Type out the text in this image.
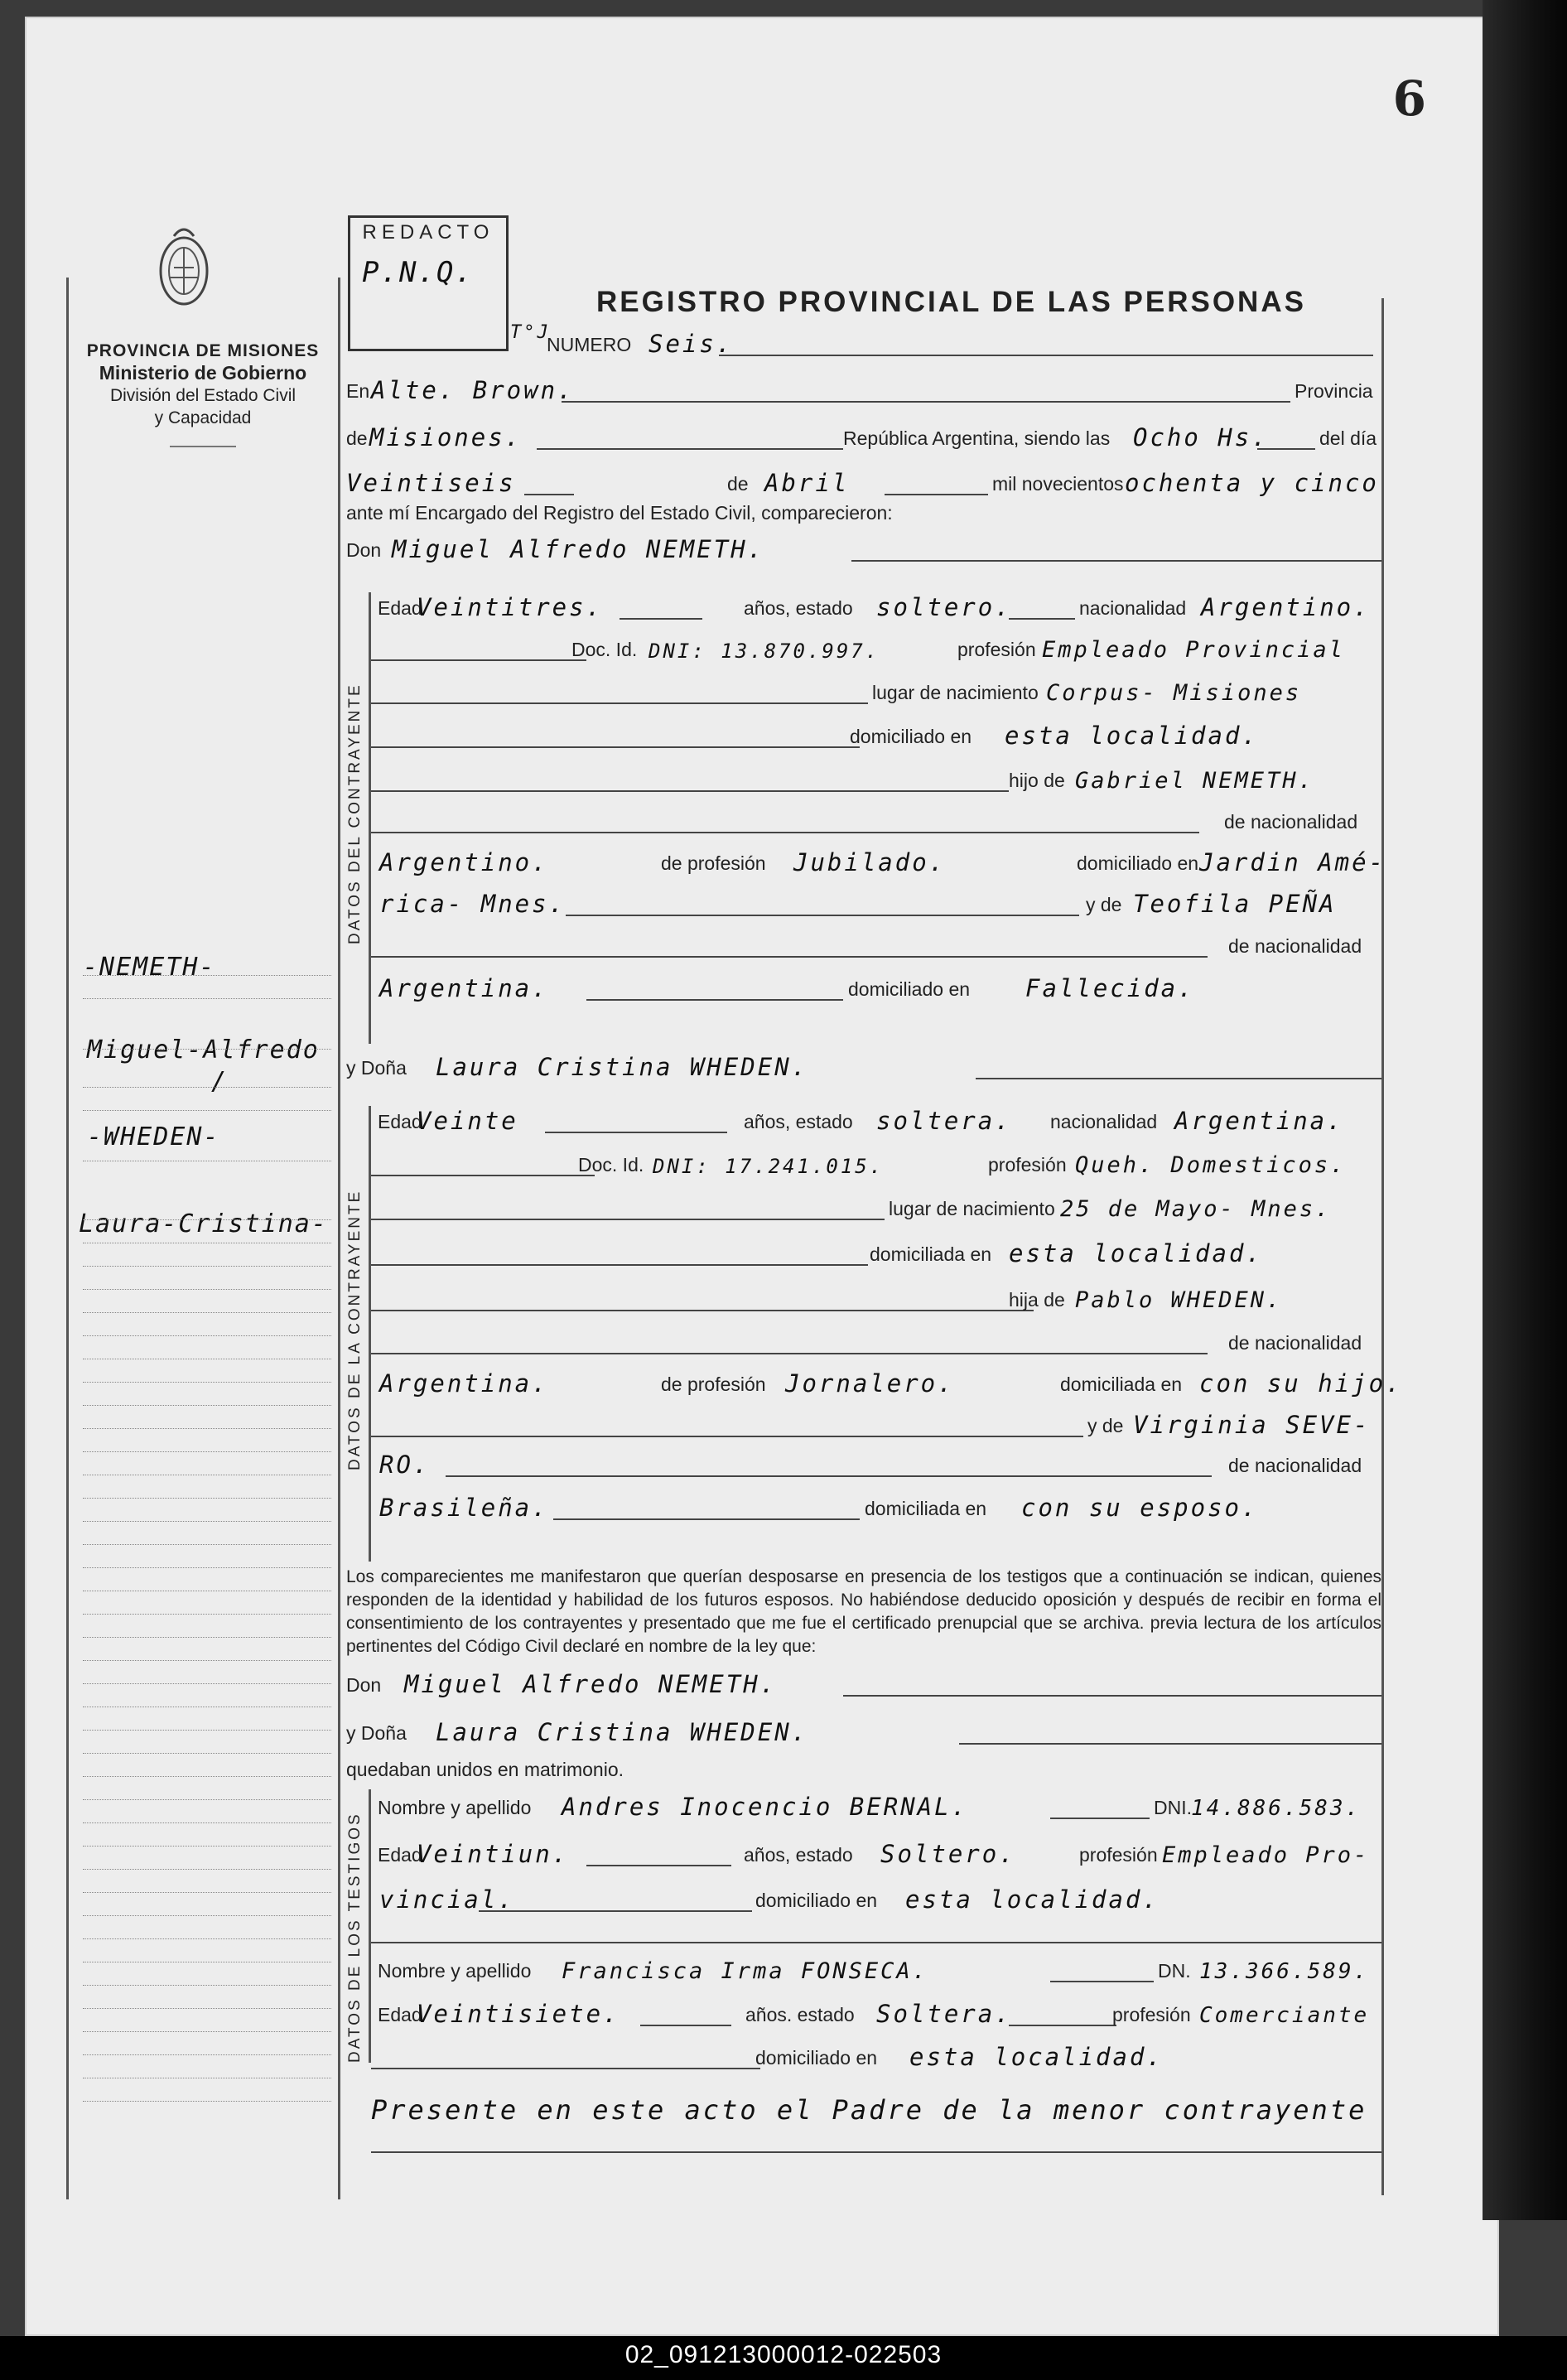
02_091213000012-022503
6
PROVINCIA DE MISIONES
Ministerio de Gobierno
División del Estado Civil
y Capacidad
-NEMETH-
Miguel-Alfredo
/
-WHEDEN-
Laura-Cristina-
REDACTO
P.N.Q.
REGISTRO PROVINCIAL DE LAS PERSONAS
T°J
NUMERO Seis.
En Alte. Brown.	Provincia
de Misiones.	República Argentina, siendo las Ocho Hs.	del día
Veintiseis	de Abril	mil novecientos ochenta y cinco
ante mí Encargado del Registro del Estado Civil, comparecieron:
Don Miguel Alfredo NEMETH.
DATOS DEL CONTRAYENTE
Edad
Veintitres.	años, estado soltero.	nacionalidad Argentino.
Doc. Id. DNI: 13.870.997.	profesión Empleado Provincial
lugar de nacimiento Corpus- Misiones
domiciliado en esta localidad.
hijo de Gabriel NEMETH.
de nacionalidad
Argentino.	de profesión Jubilado.	domiciliado en Jardin Amé-
rica- Mnes.	y de Teofila PEÑA
de nacionalidad
Argentina.	domiciliado en Fallecida.
y Doña Laura Cristina WHEDEN.
DATOS DE LA CONTRAYENTE
Edad
Veinte	años, estado soltera. nacionalidad Argentina.
Doc. Id. DNI: 17.241.015.	profesión Queh. Domesticos.
lugar de nacimiento 25 de Mayo- Mnes.
domiciliada en esta localidad.
hija de Pablo WHEDEN.
de nacionalidad
Argentina.	de profesión Jornalero.	domiciliada en con su hijo.
y de Virginia SEVE-
RO.	de nacionalidad
Brasileña.	domiciliada en con su esposo.
Los comparecientes me manifestaron que querían desposarse en presencia de los testigos que a continuación se indican, quienes responden de la identidad y habilidad de los futuros esposos. No habiéndose deducido oposición y después de recibir en forma el consentimiento de los contrayentes y presentado que me fue el certificado prenupcial que se archiva. previa lectura de los artículos pertinentes del Código Civil declaré en nombre de la ley que:
Don Miguel Alfredo NEMETH.
y Doña Laura Cristina WHEDEN.
quedaban unidos en matrimonio.
DATOS DE LOS TESTIGOS
Nombre y apellido Andres Inocencio BERNAL.	DNI. 14.886.583.
Edad
Veintiun.	años, estado Soltero.	profesión Empleado Pro-
vincial.	domiciliado en esta localidad.
Nombre y apellido Francisca Irma FONSECA.	DN. 13.366.589.
Edad
Veintisiete.	años. estado Soltera.	profesión Comerciante
domiciliado en esta localidad.
Presente en este acto el Padre de la menor contrayente
